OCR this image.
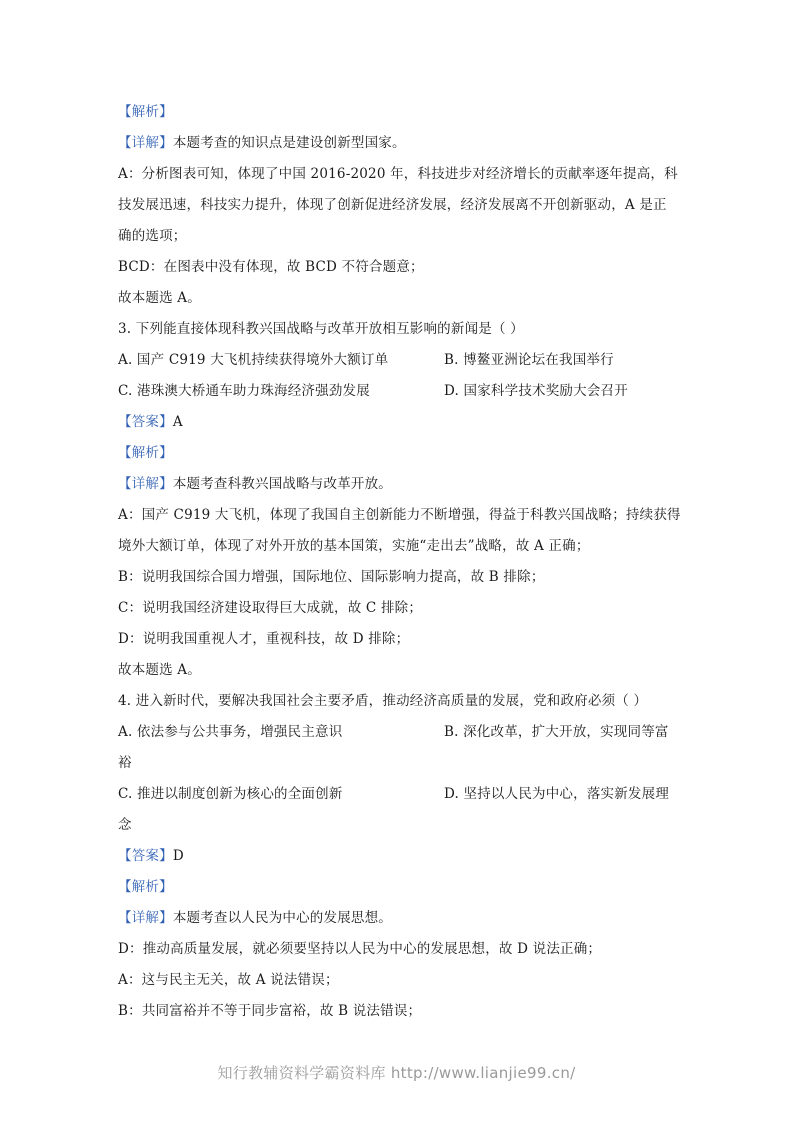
【解析】
【详解】本题考查的知识点是建设创新型国家。
A：分析图表可知，体现了中国 2016-2020 年，科技进步对经济增长的贡献率逐年提高，科
技发展迅速，科技实力提升，体现了创新促进经济发展，经济发展离不开创新驱动，A 是正
确的选项；
BCD：在图表中没有体现，故 BCD 不符合题意；
故本题选 A。
3. 下列能直接体现科教兴国战略与改革开放相互影响的新闻是（ ）
A. 国产 C919 大飞机持续获得境外大额订单	B. 博鳌亚洲论坛在我国举行
C. 港珠澳大桥通车助力珠海经济强劲发展	D. 国家科学技术奖励大会召开
【答案】A
【解析】
【详解】本题考查科教兴国战略与改革开放。
A：国产 C919 大飞机，体现了我国自主创新能力不断增强，得益于科教兴国战略；持续获得
境外大额订单，体现了对外开放的基本国策，实施“走出去”战略，故 A 正确；
B：说明我国综合国力增强，国际地位、国际影响力提高，故 B 排除；
C：说明我国经济建设取得巨大成就，故 C 排除；
D：说明我国重视人才，重视科技，故 D 排除；
故本题选 A。
4. 进入新时代，要解决我国社会主要矛盾，推动经济高质量的发展，党和政府必须（ ）
A. 依法参与公共事务，增强民主意识	B. 深化改革，扩大开放，实现同等富
裕
C. 推进以制度创新为核心的全面创新	D. 坚持以人民为中心，落实新发展理
念
【答案】D
【解析】
【详解】本题考查以人民为中心的发展思想。
D：推动高质量发展，就必须要坚持以人民为中心的发展思想，故 D 说法正确；
A：这与民主无关，故 A 说法错误；
B：共同富裕并不等于同步富裕，故 B 说法错误；
知行教辅资料学霸资料库 http://www.lianjie99.cn/
